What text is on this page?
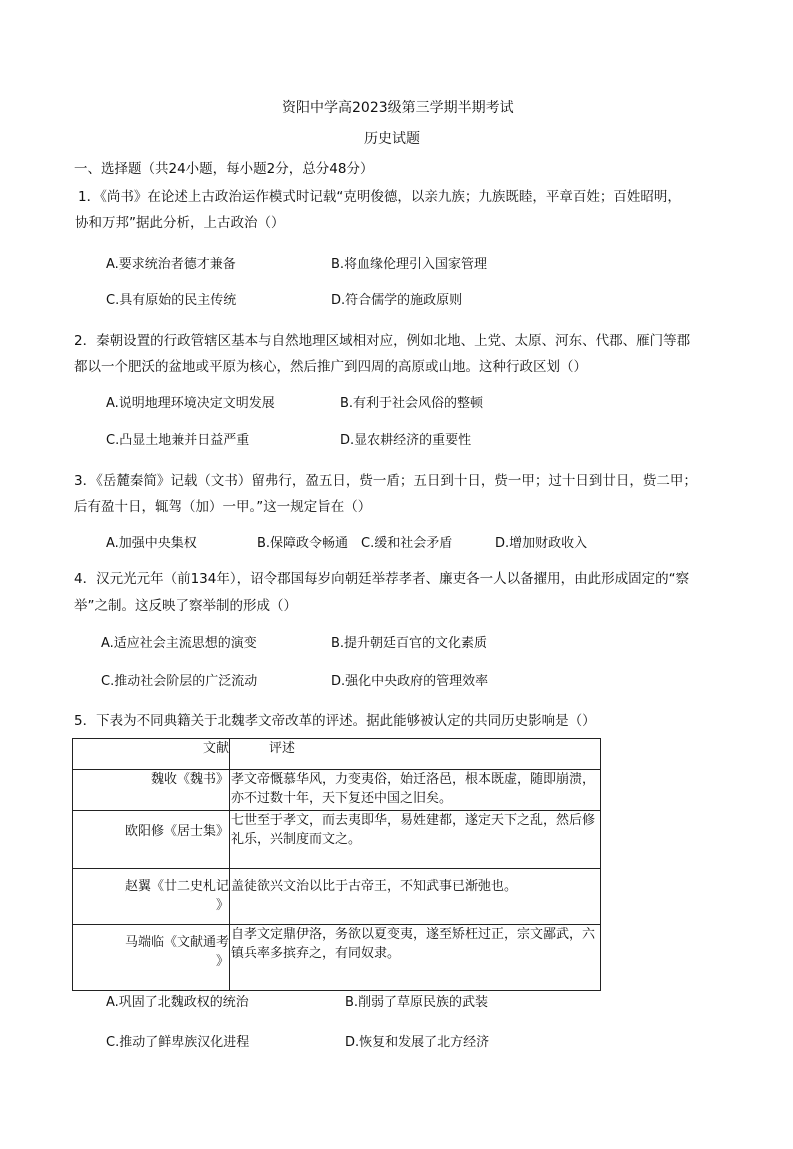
资阳中学高2023级第三学期半期考试
历史试题
一、选择题（共24小题，每小题2分，总分48分）
1．《尚书》在论述上古政治运作模式时记载“克明俊德，以亲九族；九族既睦，平章百姓；百姓昭明，
协和万邦”据此分析，上古政治（）
A.要求统治者德才兼备	B.将血缘伦理引入国家管理
C.具有原始的民主传统	D.符合儒学的施政原则
2．秦朝设置的行政管辖区基本与自然地理区域相对应，例如北地、上党、太原、河东、代郡、雁门等郡
都以一个肥沃的盆地或平原为核心，然后推广到四周的高原或山地。这种行政区划（）
A.说明地理环境决定文明发展	B.有利于社会风俗的整顿
C.凸显土地兼并日益严重	D.显农耕经济的重要性
3．《岳麓秦简》记载（文书）留弗行，盈五日，赀一盾；五日到十日，赀一甲；过十日到廿日，赀二甲；
后有盈十日，辄驾（加）一甲。”这一规定旨在（）
A.加强中央集权	B.保障政令畅通 C.缓和社会矛盾	D.增加财政收入
4．汉元光元年（前134年），诏令郡国每岁向朝廷举荐孝者、廉吏各一人以备擢用，由此形成固定的“察
举”之制。这反映了察举制的形成（）
A.适应社会主流思想的演变	B.提升朝廷百官的文化素质
C.推动社会阶层的广泛流动	D.强化中央政府的管理效率
5．下表为不同典籍关于北魏孝文帝改革的评述。据此能够被认定的共同历史影响是（）
文献	评述

魏收《魏书》	孝文帝慨慕华风，力变夷俗，始迁洛邑，根本既虚，随即崩溃，亦不过数十年，天下复还中国之旧矣。
欧阳修《居士集》	七世至于孝文，而去夷即华，易姓建都，遂定天下之乱，然后修礼乐，兴制度而文之。

赵翼《廿二史札记
》	盖徒欲兴文治以比于古帝王，不知武事已渐弛也。

马端临《文献通考
》	自孝文定鼎伊洛，务欲以夏变夷，遂至矫枉过正，宗文鄙武，六镇兵率多摈弃之，有同奴隶。
A.巩固了北魏政权的统治	B.削弱了草原民族的武装
C.推动了鲜卑族汉化进程	D.恢复和发展了北方经济
